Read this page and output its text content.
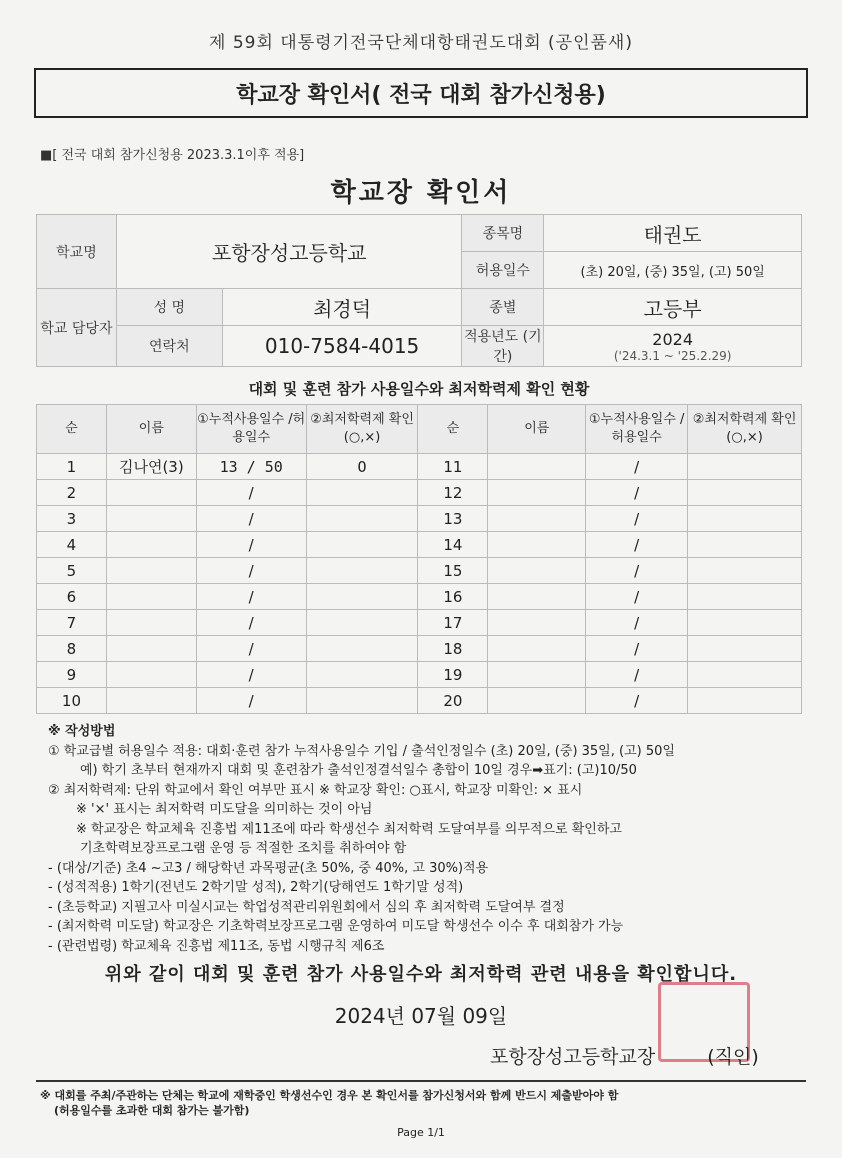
제 59회 대통령기전국단체대항태권도대회 (공인품새)
학교장 확인서( 전국 대회 참가신청용)
■[ 전국 대회 참가신청용 2023.3.1이후 적용]
학교장 확인서
학교명	포항장성고등학교		종목명	태권도
			허용일수	(초) 20일, (중) 35일, (고) 50일
학교 담당자	성 명	최경덕	종별	고등부
	연락처	010-7584-4015	적용년도 (기간)	2024
('24.3.1 ~ '25.2.29)
대회 및 훈련 참가 사용일수와 최저학력제 확인 현황
순	이름	①누적사용일수 /허용일수	②최저학력제 확인(○,×)	순	이름	①누적사용일수 /허용일수	②최저학력제 확인(○,×)
1	김나연(3)	13 / 50	O	11		/	
2		/		12		/	
3		/		13		/	
4		/		14		/	
5		/		15		/	
6		/		16		/	
7		/		17		/	
8		/		18		/	
9		/		19		/	
10		/		20		/	
※ 작성방법
① 학교급별 허용일수 적용: 대회·훈련 참가 누적사용일수 기입 / 출석인정일수 (초) 20일, (중) 35일, (고) 50일
예) 학기 초부터 현재까지 대회 및 훈련참가 출석인정결석일수 총합이 10일 경우➡표기: (고)10/50
② 최저학력제: 단위 학교에서 확인 여부만 표시 ※ 학교장 확인: ○표시, 학교장 미확인: × 표시
※ '×' 표시는 최저학력 미도달을 의미하는 것이 아님
※ 학교장은 학교체육 진흥법 제11조에 따라 학생선수 최저학력 도달여부를 의무적으로 확인하고
기초학력보장프로그램 운영 등 적절한 조치를 취하여야 함
- (대상/기준) 초4 ~고3 / 해당학년 과목평균(초 50%, 중 40%, 고 30%)적용
- (성적적용) 1학기(전년도 2학기말 성적), 2학기(당해연도 1학기말 성적)
- (초등학교) 지필고사 미실시교는 학업성적관리위원회에서 심의 후 최저학력 도달여부 결정
- (최저학력 미도달) 학교장은 기초학력보장프로그램 운영하여 미도달 학생선수 이수 후 대회참가 가능
- (관련법령) 학교체육 진흥법 제11조, 동법 시행규칙 제6조
위와 같이 대회 및 훈련 참가 사용일수와 최저학력 관련 내용을 확인합니다.
2024년 07월 09일
포항장성고등학교장	(직인)
※ 대회를 주최/주관하는 단체는 학교에 재학중인 학생선수인 경우 본 확인서를 참가신청서와 함께 반드시 제출받아야 함
(허용일수를 초과한 대회 참가는 불가함)
Page 1/1
